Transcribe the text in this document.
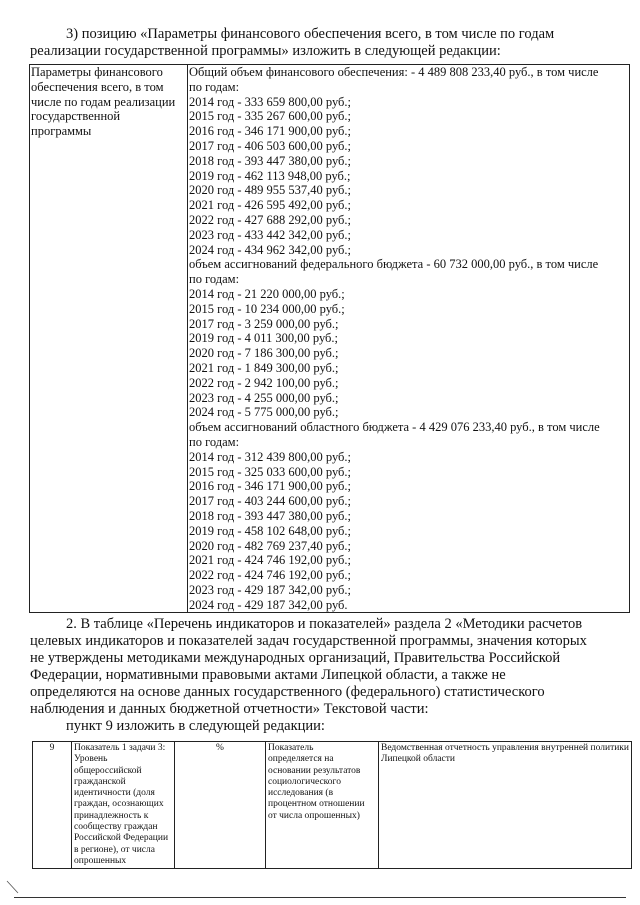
3) позицию «Параметры финансового обеспечения всего, в том числе по годам
реализации государственной программы» изложить в следующей редакции:
Параметры финансового
обеспечения всего, в том
числе по годам реализации
государственной
программы

Общий объем финансового обеспечения: - 4 489 808 233,40 руб., в том числе
по годам:
2014 год - 333 659 800,00 руб.;
2015 год - 335 267 600,00 руб.;
2016 год - 346 171 900,00 руб.;
2017 год - 406 503 600,00 руб.;
2018 год - 393 447 380,00 руб.;
2019 год - 462 113 948,00 руб.;
2020 год - 489 955 537,40 руб.;
2021 год - 426 595 492,00 руб.;
2022 год - 427 688 292,00 руб.;
2023 год - 433 442 342,00 руб.;
2024 год - 434 962 342,00 руб.;
объем ассигнований федерального бюджета - 60 732 000,00 руб., в том числе
по годам:
2014 год - 21 220 000,00 руб.;
2015 год - 10 234 000,00 руб.;
2017 год - 3 259 000,00 руб.;
2019 год - 4 011 300,00 руб.;
2020 год - 7 186 300,00 руб.;
2021 год - 1 849 300,00 руб.;
2022 год - 2 942 100,00 руб.;
2023 год - 4 255 000,00 руб.;
2024 год - 5 775 000,00 руб.;
объем ассигнований областного бюджета - 4 429 076 233,40 руб., в том числе
по годам:
2014 год - 312 439 800,00 руб.;
2015 год - 325 033 600,00 руб.;
2016 год - 346 171 900,00 руб.;
2017 год - 403 244 600,00 руб.;
2018 год - 393 447 380,00 руб.;
2019 год - 458 102 648,00 руб.;
2020 год - 482 769 237,40 руб.;
2021 год - 424 746 192,00 руб.;
2022 год - 424 746 192,00 руб.;
2023 год - 429 187 342,00 руб.;
2024 год - 429 187 342,00 руб.
2. В таблице «Перечень индикаторов и показателей» раздела 2 «Методики расчетов
целевых индикаторов и показателей задач государственной программы, значения которых
не утверждены методиками международных организаций, Правительства Российской
Федерации, нормативными правовыми актами Липецкой области, а также не
определяются на основе данных государственного (федерального) статистического
наблюдения и данных бюджетной отчетности» Текстовой части:
пункт 9 изложить в следующей редакции:
9	Показатель 1 задачи 3:
Уровень
общероссийской
гражданской
идентичности (доля
граждан, осознающих
принадлежность к
сообществу граждан
Российской Федерации
в регионе), от числа
опрошенных
	%	Показатель
определяется на
основании результатов
социологического
исследования (в
процентном отношении
от числа опрошенных)
	Ведомственная отчетность управления внутренней политики Липецкой области
